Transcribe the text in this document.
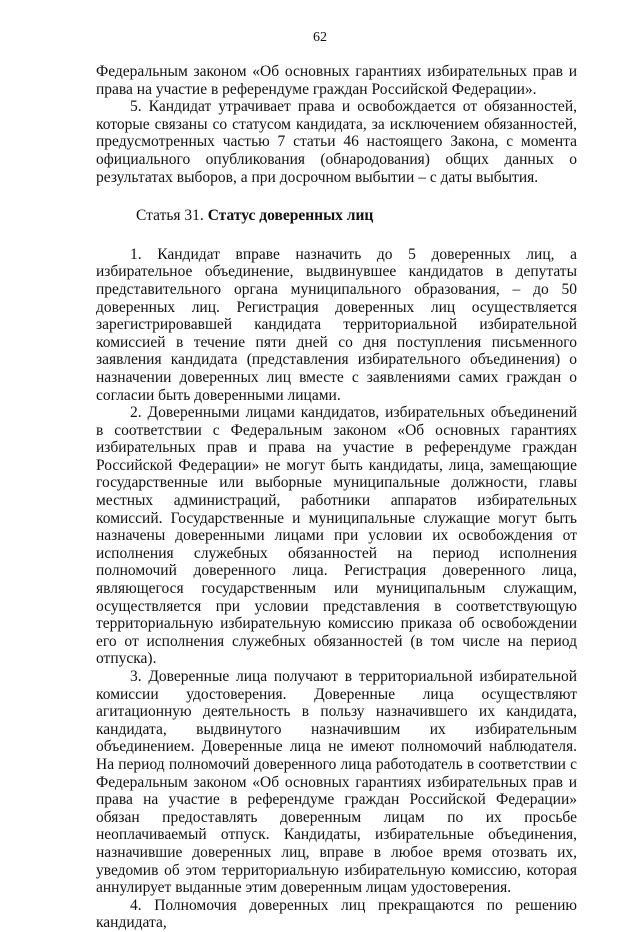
62

Федеральным законом «Об основных гарантиях избирательных прав и права на участие в референдуме граждан Российской Федерации».

5. Кандидат утрачивает права и освобождается от обязанностей, которые связаны со статусом кандидата, за исключением обязанностей, предусмотренных частью 7 статьи 46 настоящего Закона, с момента официального опубликования (обнародования) общих данных о результатах выборов, а при досрочном выбытии – с даты выбытия.

Статья 31. Статус доверенных лиц

1. Кандидат вправе назначить до 5 доверенных лиц, а избирательное объединение, выдвинувшее кандидатов в депутаты представительного органа муниципального образования, – до 50 доверенных лиц. Регистрация доверенных лиц осуществляется зарегистрировавшей кандидата территориальной избирательной комиссией в течение пяти дней со дня поступления письменного заявления кандидата (представления избирательного объединения) о назначении доверенных лиц вместе с заявлениями самих граждан о согласии быть доверенными лицами.

2. Доверенными лицами кандидатов, избирательных объединений в соответствии с Федеральным законом «Об основных гарантиях избирательных прав и права на участие в референдуме граждан Российской Федерации» не могут быть кандидаты, лица, замещающие государственные или выборные муниципальные должности, главы местных администраций, работники аппаратов избирательных комиссий. Государственные и муниципальные служащие могут быть назначены доверенными лицами при условии их освобождения от исполнения служебных обязанностей на период исполнения полномочий доверенного лица. Регистрация доверенного лица, являющегося государственным или муниципальным служащим, осуществляется при условии представления в соответствующую территориальную избирательную комиссию приказа об освобождении его от исполнения служебных обязанностей (в том числе на период отпуска).

3. Доверенные лица получают в территориальной избирательной комиссии удостоверения. Доверенные лица осуществляют агитационную деятельность в пользу назначившего их кандидата, кандидата, выдвинутого назначившим их избирательным объединением. Доверенные лица не имеют полномочий наблюдателя. На период полномочий доверенного лица работодатель в соответствии с Федеральным законом «Об основных гарантиях избирательных прав и права на участие в референдуме граждан Российской Федерации» обязан предоставлять доверенным лицам по их просьбе неоплачиваемый отпуск. Кандидаты, избирательные объединения, назначившие доверенных лиц, вправе в любое время отозвать их, уведомив об этом территориальную избирательную комиссию, которая аннулирует выданные этим доверенным лицам удостоверения.

4. Полномочия доверенных лиц прекращаются по решению кандидата,
